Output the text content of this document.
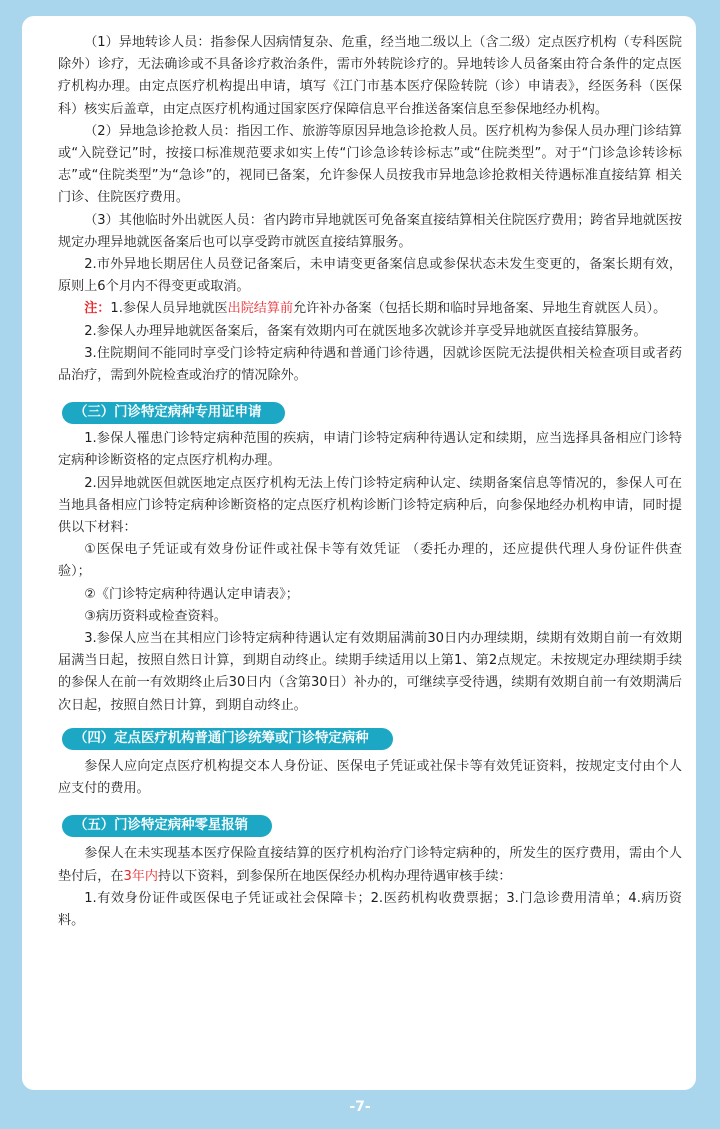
（1）异地转诊人员：指参保人因病情复杂、危重，经当地二级以上（含二级）定点医疗机构（专科医院除外）诊疗，无法确诊或不具备诊疗救治条件，需市外转院诊疗的。异地转诊人员备案由符合条件的定点医疗机构办理。由定点医疗机构提出申请，填写《江门市基本医疗保险转院（诊）申请表》，经医务科（医保科）核实后盖章，由定点医疗机构通过国家医疗保障信息平台推送备案信息至参保地经办机构。

（2）异地急诊抢救人员：指因工作、旅游等原因异地急诊抢救人员。医疗机构为参保人员办理门诊结算或“入院登记”时，按接口标准规范要求如实上传“门诊急诊转诊标志”或“住院类型”。对于“门诊急诊转诊标志”或“住院类型”为“急诊”的，视同已备案，允许参保人员按我市异地急诊抢救相关待遇标准直接结算 相关门诊、住院医疗费用。

（3）其他临时外出就医人员：省内跨市异地就医可免备案直接结算相关住院医疗费用；跨省异地就医按规定办理异地就医备案后也可以享受跨市就医直接结算服务。

2.市外异地长期居住人员登记备案后，未申请变更备案信息或参保状态未发生变更的，备案长期有效，原则上6个月内不得变更或取消。

注：1.参保人员异地就医出院结算前允许补办备案（包括长期和临时异地备案、异地生育就医人员）。

2.参保人办理异地就医备案后，备案有效期内可在就医地多次就诊并享受异地就医直接结算服务。

3.住院期间不能同时享受门诊特定病种待遇和普通门诊待遇，因就诊医院无法提供相关检查项目或者药品治疗，需到外院检查或治疗的情况除外。

（三）门诊特定病种专用证申请

1.参保人罹患门诊特定病种范围的疾病，申请门诊特定病种待遇认定和续期，应当选择具备相应门诊特定病种诊断资格的定点医疗机构办理。

2.因异地就医但就医地定点医疗机构无法上传门诊特定病种认定、续期备案信息等情况的，参保人可在当地具备相应门诊特定病种诊断资格的定点医疗机构诊断门诊特定病种后，向参保地经办机构申请，同时提供以下材料：

①医保电子凭证或有效身份证件或社保卡等有效凭证 （委托办理的，还应提供代理人身份证件供查验）；

②《门诊特定病种待遇认定申请表》；

③病历资料或检查资料。

3.参保人应当在其相应门诊特定病种待遇认定有效期届满前30日内办理续期，续期有效期自前一有效期届满当日起，按照自然日计算，到期自动终止。续期手续适用以上第1、第2点规定。未按规定办理续期手续的参保人在前一有效期终止后30日内（含第30日）补办的，可继续享受待遇，续期有效期自前一有效期满后次日起，按照自然日计算，到期自动终止。

（四）定点医疗机构普通门诊统筹或门诊特定病种

参保人应向定点医疗机构提交本人身份证、医保电子凭证或社保卡等有效凭证资料，按规定支付由个人应支付的费用。

（五）门诊特定病种零星报销

参保人在未实现基本医疗保险直接结算的医疗机构治疗门诊特定病种的，所发生的医疗费用，需由个人垫付后，在3年内持以下资料，到参保所在地医保经办机构办理待遇审核手续：

1.有效身份证件或医保电子凭证或社会保障卡；2.医药机构收费票据；3.门急诊费用清单；4.病历资料。

-7-
